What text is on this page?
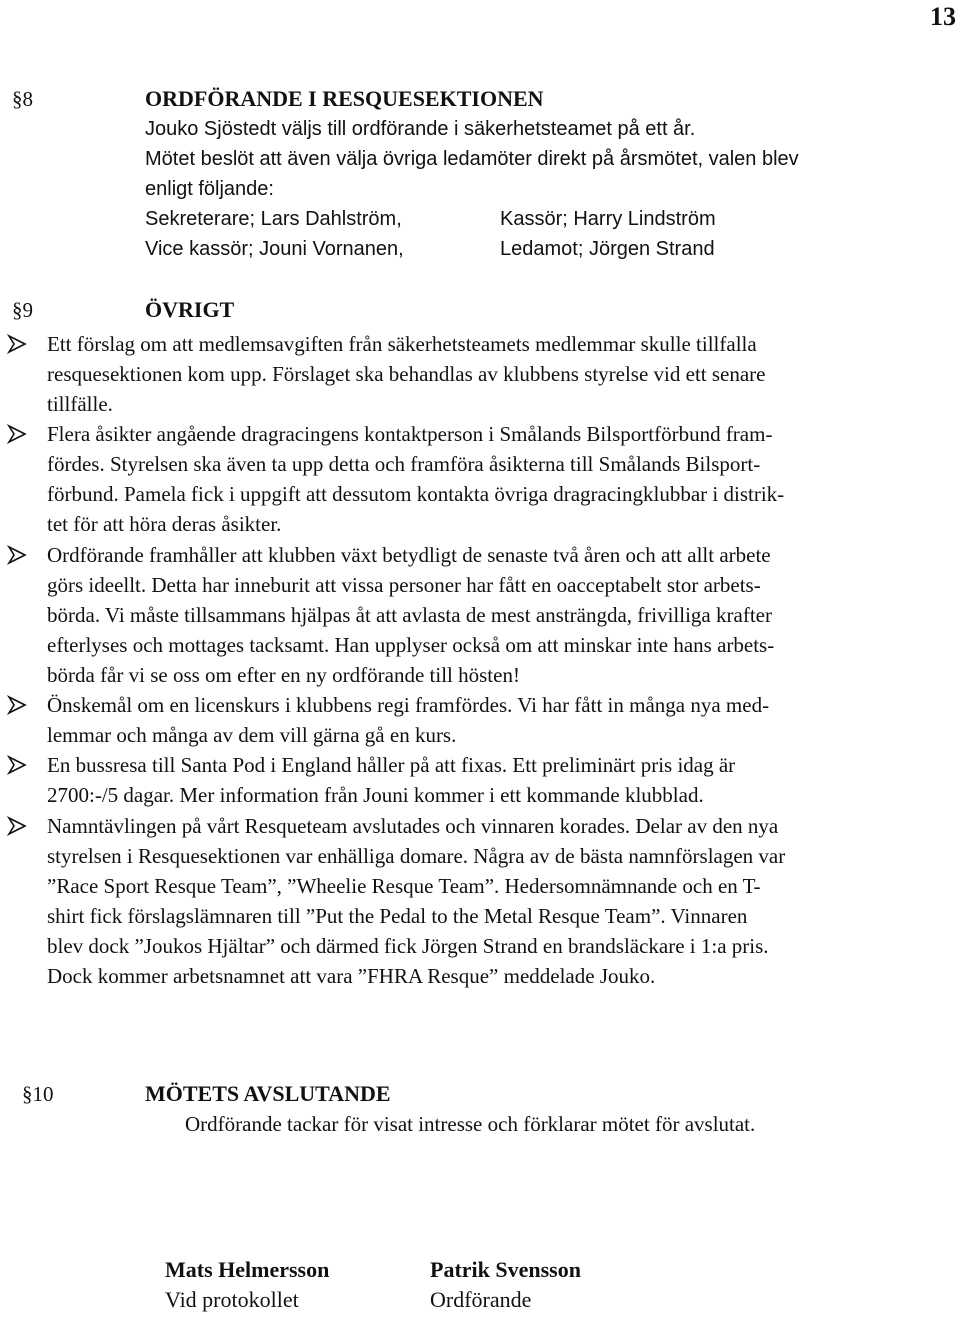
13
§8	ORDFÖRANDE I RESQUESEKTIONEN
Jouko Sjöstedt väljs till ordförande i säkerhetsteamet på ett år.
Mötet beslöt att även välja övriga ledamöter direkt på årsmötet, valen blev
enligt följande:
Sekreterare; Lars Dahlström,	Kassör; Harry Lindström
Vice kassör; Jouni Vornanen,	Ledamot; Jörgen Strand
§9	ÖVRIGT
Ett förslag om att medlemsavgiften från säkerhetsteamets medlemmar skulle tillfalla
resquesektionen kom upp. Förslaget ska behandlas av klubbens styrelse vid ett senare
tillfälle.
Flera åsikter angående dragracingens kontaktperson i Smålands Bilsportförbund fram-
fördes. Styrelsen ska även ta upp detta och framföra åsikterna till Smålands Bilsport-
förbund. Pamela fick i uppgift att dessutom kontakta övriga dragracingklubbar i distrik-
tet för att höra deras åsikter.
Ordförande framhåller att klubben växt betydligt de senaste två åren och att allt arbete
görs ideellt. Detta har inneburit att vissa personer har fått en oacceptabelt stor arbets-
börda. Vi måste tillsammans hjälpas åt att avlasta de mest ansträngda, frivilliga krafter
efterlyses och mottages tacksamt. Han upplyser också om att minskar inte hans arbets-
börda får vi se oss om efter en ny ordförande till hösten!
Önskemål om en licenskurs i klubbens regi framfördes. Vi har fått in många nya med-
lemmar och många av dem vill gärna gå en kurs.
En bussresa till Santa Pod i England håller på att fixas. Ett preliminärt pris idag är
2700:-/5 dagar. Mer information från Jouni kommer i ett kommande klubblad.
Namntävlingen på vårt Resqueteam avslutades och vinnaren korades. Delar av den nya
styrelsen i Resquesektionen var enhälliga domare. Några av de bästa namnförslagen var
”Race Sport Resque Team”, ”Wheelie Resque Team”. Hedersomnämnande och en T-
shirt fick förslagslämnaren till ”Put the Pedal to the Metal Resque Team”. Vinnaren
blev dock ”Joukos Hjältar” och därmed fick Jörgen Strand en brandsläckare i 1:a pris.
Dock kommer arbetsnamnet att vara ”FHRA Resque” meddelade Jouko.
§10	MÖTETS AVSLUTANDE
Ordförande tackar för visat intresse och förklarar mötet för avslutat.
Mats Helmersson
Vid protokollet
Patrik Svensson
Ordförande
